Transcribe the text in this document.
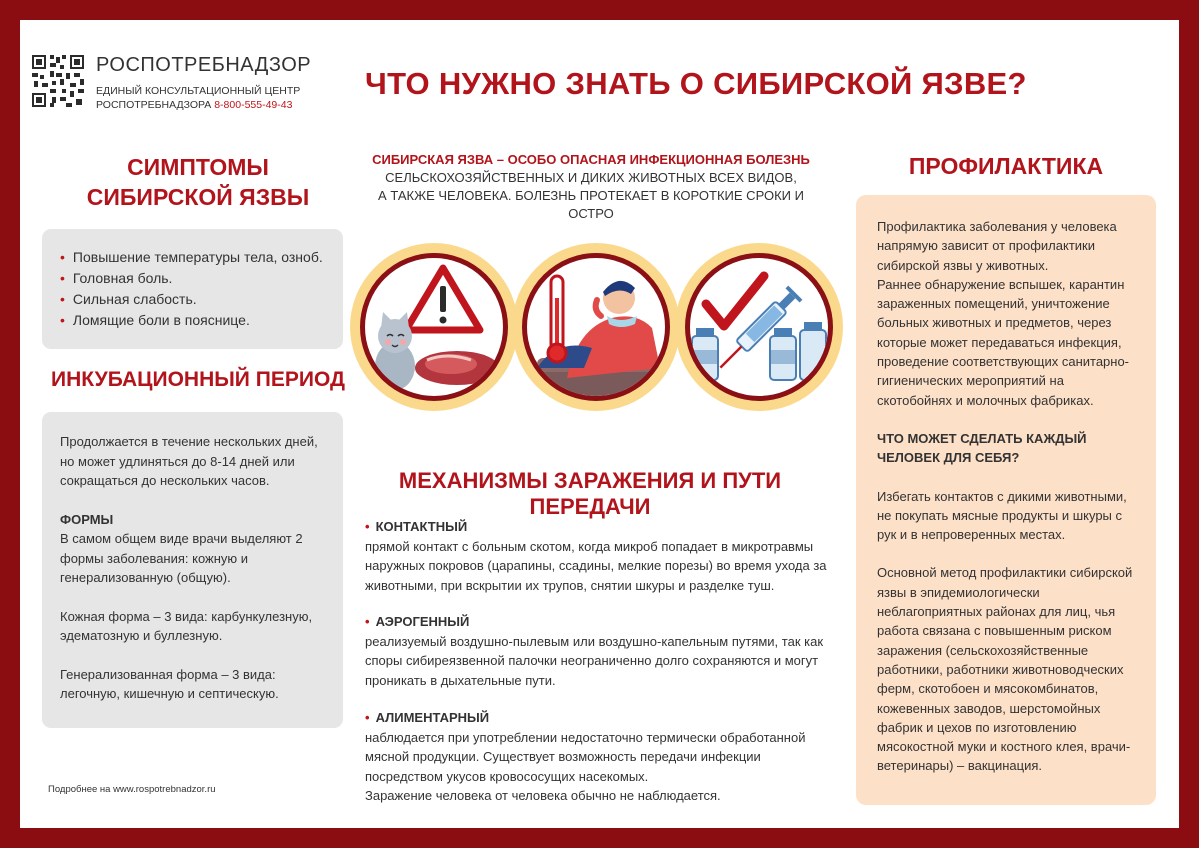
РОСПОТРЕБНАДЗОР
ЕДИНЫЙ КОНСУЛЬТАЦИОННЫЙ ЦЕНТР
РОСПОТРЕБНАДЗОРА 8-800-555-49-43
ЧТО НУЖНО ЗНАТЬ О СИБИРСКОЙ ЯЗВЕ?
СИМПТОМЫ
СИБИРСКОЙ ЯЗВЫ
• Повышение температуры тела, озноб.
• Головная боль.
• Сильная слабость.
• Ломящие боли в пояснице.
ИНКУБАЦИОННЫЙ ПЕРИОД

Продолжается в течение нескольких дней, но может удлиняться до 8-14 дней или сокращаться до нескольких часов.

ФОРМЫ

В самом общем виде врачи выделяют 2 формы заболевания: кожную и генерализованную (общую).

Кожная форма – 3 вида: карбункулезную, эдематозную и буллезную.

Генерализованная форма – 3 вида: легочную, кишечную и септическую.

СИБИРСКАЯ ЯЗВА – ОСОБО ОПАСНАЯ ИНФЕКЦИОННАЯ БОЛЕЗНЬ
СЕЛЬСКОХОЗЯЙСТВЕННЫХ И ДИКИХ ЖИВОТНЫХ ВСЕХ ВИДОВ,
А ТАКЖЕ ЧЕЛОВЕКА. БОЛЕЗНЬ ПРОТЕКАЕТ В КОРОТКИЕ СРОКИ И ОСТРО
МЕХАНИЗМЫ ЗАРАЖЕНИЯ И ПУТИ ПЕРЕДАЧИ
• КОНТАКТНЫЙ
прямой контакт с больным скотом, когда микроб попадает в микротравмы наружных покровов (царапины, ссадины, мелкие порезы) во время ухода за животными, при вскрытии их трупов, снятии шкуры и разделке туш.
• АЭРОГЕННЫЙ
реализуемый воздушно-пылевым или воздушно-капельным путями, так как споры сибиреязвенной палочки неограниченно долго сохраняются и могут проникать в дыхательные пути.
• АЛИМЕНТАРНЫЙ
наблюдается при употреблении недостаточно термически обработанной мясной продукции. Существует возможность передачи инфекции посредством укусов кровососущих насекомых.
Заражение человека от человека обычно не наблюдается.
ПРОФИЛАКТИКА
Профилактика заболевания у человека напрямую зависит от профилактики сибирской язвы у животных.

Раннее обнаружение вспышек, карантин зараженных помещений, уничтожение больных животных и предметов, через которые может передаваться инфекция, проведение соответствующих санитарно-гигиенических мероприятий на скотобойнях и молочных фабриках.

ЧТО МОЖЕТ СДЕЛАТЬ КАЖДЫЙ ЧЕЛОВЕК ДЛЯ СЕБЯ?

Избегать контактов с дикими животными, не покупать мясные продукты и шкуры с рук и в непроверенных местах.

Основной метод профилактики сибирской язвы в эпидемиологически неблагоприятных районах для лиц, чья работа связана с повышенным риском заражения (сельскохозяйственные работники, работники животноводческих ферм, скотобоен и мясокомбинатов, кожевенных заводов, шерстомойных фабрик и цехов по изготовлению мясокостной муки и костного клея, врачи-ветеринары) – вакцинация.

Подробнее на www.rospotrebnadzor.ru
